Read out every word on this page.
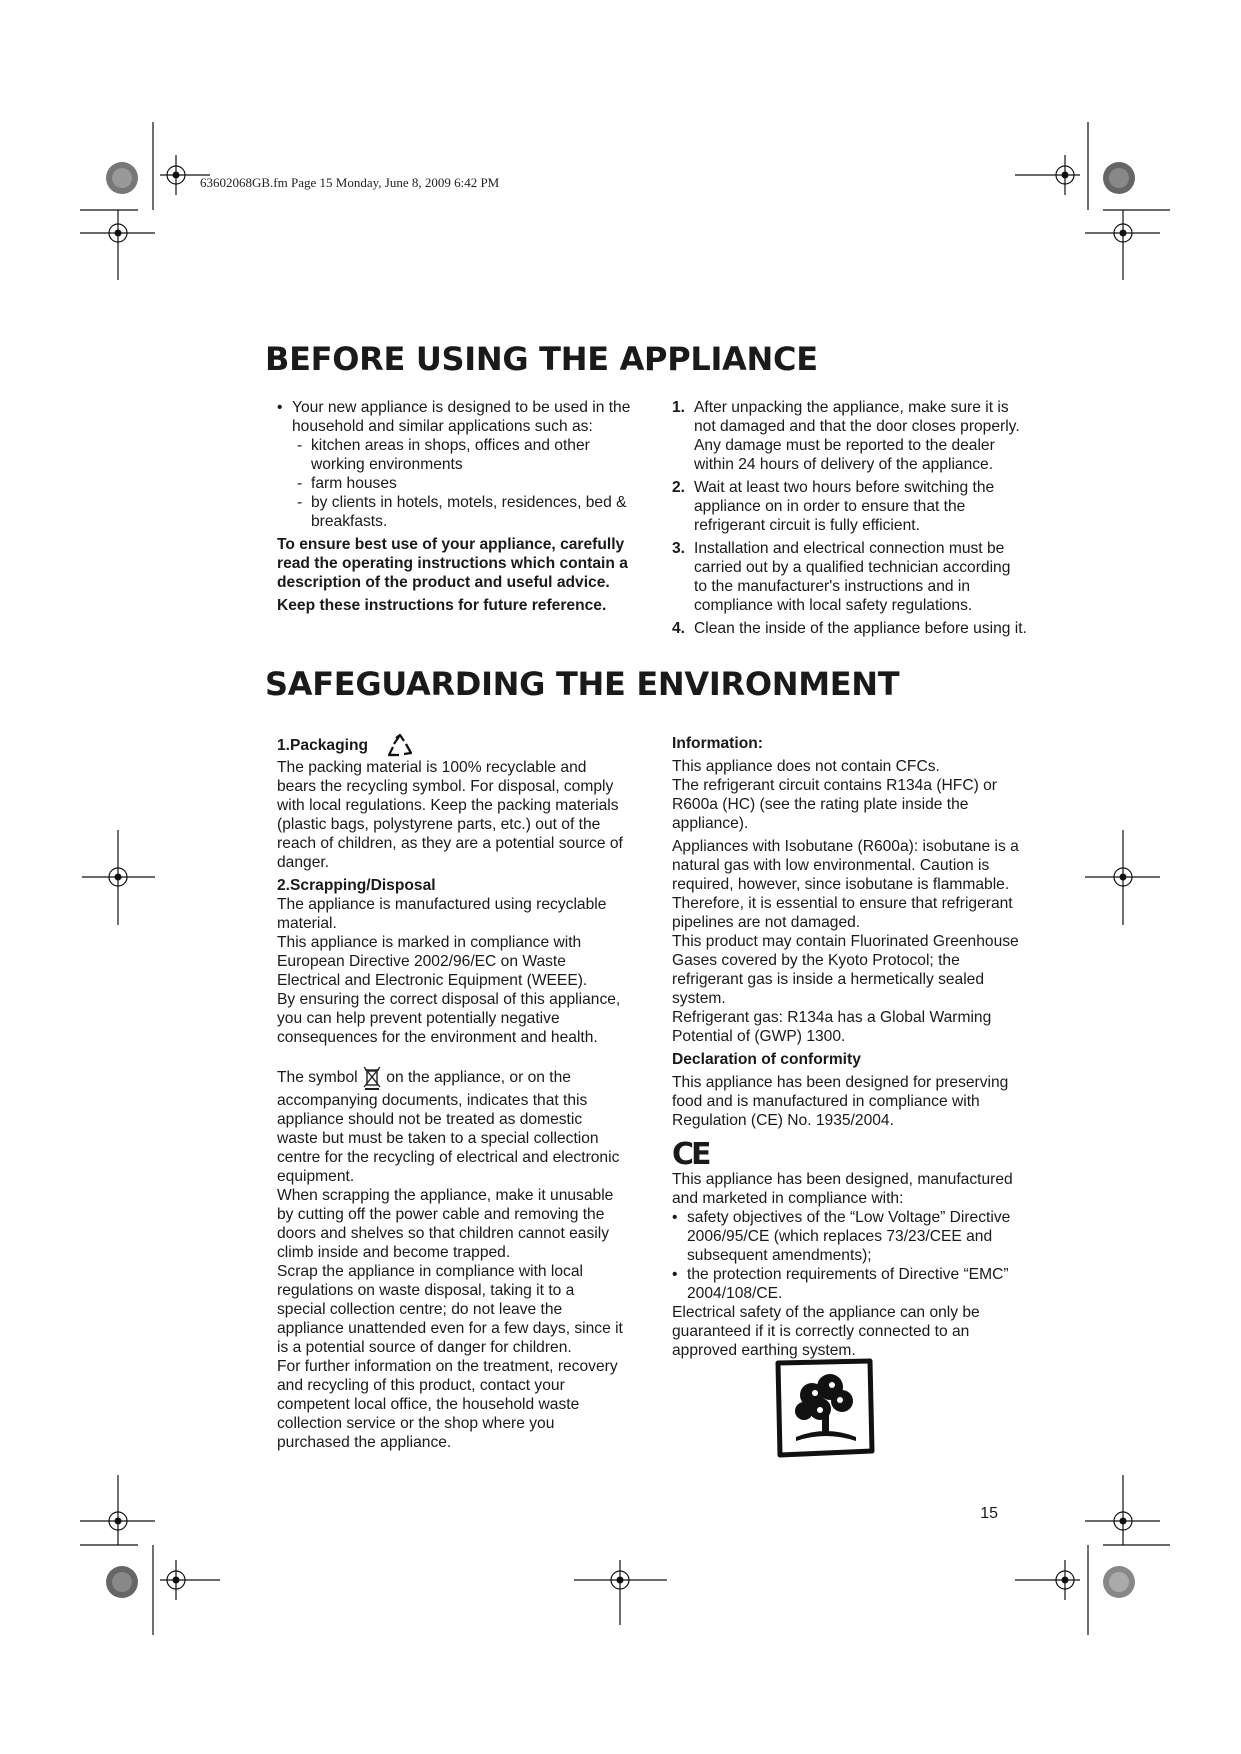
63602068GB.fm Page 15 Monday, June 8, 2009 6:42 PM
BEFORE USING THE APPLIANCE

• Your new appliance is designed to be used in the household and similar applications such as:

- kitchen areas in shops, offices and other working environments

- farm houses

- by clients in hotels, motels, residences, bed & breakfasts.

To ensure best use of your appliance, carefully read the operating instructions which contain a description of the product and useful advice.

Keep these instructions for future reference.

1. After unpacking the appliance, make sure it is not damaged and that the door closes properly. Any damage must be reported to the dealer within 24 hours of delivery of the appliance.

2. Wait at least two hours before switching the appliance on in order to ensure that the refrigerant circuit is fully efficient.

3. Installation and electrical connection must be carried out by a qualified technician according to the manufacturer's instructions and in compliance with local safety regulations.

4. Clean the inside of the appliance before using it.

SAFEGUARDING THE ENVIRONMENT

1.Packaging

The packing material is 100% recyclable and bears the recycling symbol. For disposal, comply with local regulations. Keep the packing materials (plastic bags, polystyrene parts, etc.) out of the reach of children, as they are a potential source of danger.

2.Scrapping/Disposal

The appliance is manufactured using recyclable material.

This appliance is marked in compliance with European Directive 2002/96/EC on Waste Electrical and Electronic Equipment (WEEE).

By ensuring the correct disposal of this appliance, you can help prevent potentially negative consequences for the environment and health.

The symbol on the appliance, or on the accompanying documents, indicates that this appliance should not be treated as domestic waste but must be taken to a special collection centre for the recycling of electrical and electronic equipment.

When scrapping the appliance, make it unusable by cutting off the power cable and removing the doors and shelves so that children cannot easily climb inside and become trapped.

Scrap the appliance in compliance with local regulations on waste disposal, taking it to a special collection centre; do not leave the appliance unattended even for a few days, since it is a potential source of danger for children.

For further information on the treatment, recovery and recycling of this product, contact your competent local office, the household waste collection service or the shop where you purchased the appliance.

Information:

This appliance does not contain CFCs.

The refrigerant circuit contains R134a (HFC) or R600a (HC) (see the rating plate inside the appliance).

Appliances with Isobutane (R600a): isobutane is a natural gas with low environmental. Caution is required, however, since isobutane is flammable. Therefore, it is essential to ensure that refrigerant pipelines are not damaged.

This product may contain Fluorinated Greenhouse Gases covered by the Kyoto Protocol; the refrigerant gas is inside a hermetically sealed system.

Refrigerant gas: R134a has a Global Warming Potential of (GWP) 1300.

Declaration of conformity

This appliance has been designed for preserving food and is manufactured in compliance with Regulation (CE) No. 1935/2004.

CE

This appliance has been designed, manufactured and marketed in compliance with:

• safety objectives of the “Low Voltage” Directive 2006/95/CE (which replaces 73/23/CEE and subsequent amendments);

• the protection requirements of Directive “EMC” 2004/108/CE.

Electrical safety of the appliance can only be guaranteed if it is correctly connected to an approved earthing system.

15
